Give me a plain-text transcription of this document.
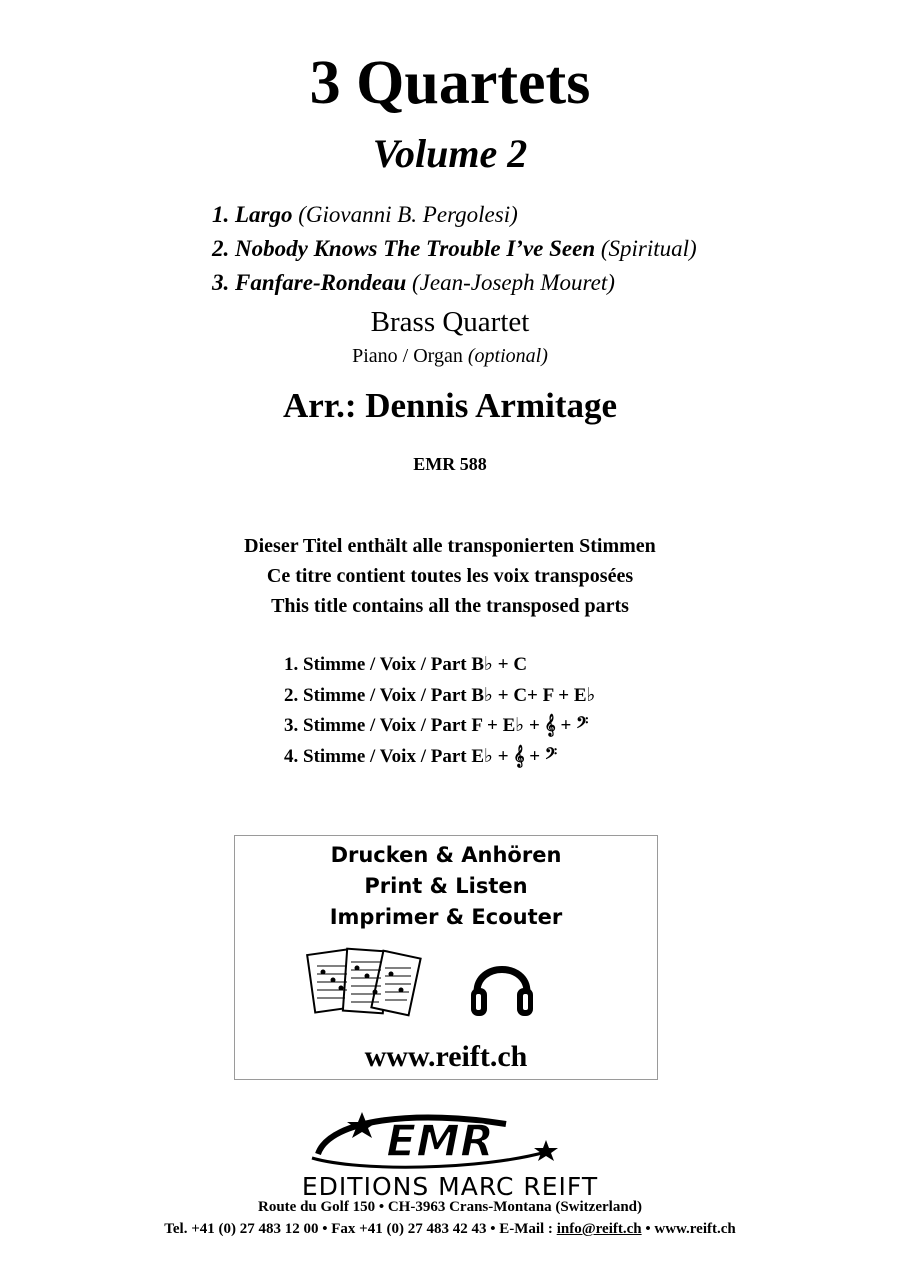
3 Quartets
Volume 2
1. Largo (Giovanni B. Pergolesi)
2. Nobody Knows The Trouble I’ve Seen (Spiritual)
3. Fanfare-Rondeau (Jean-Joseph Mouret)
Brass Quartet
Piano / Organ (optional)
Arr.: Dennis Armitage
EMR 588
Dieser Titel enthält alle transponierten Stimmen
Ce titre contient toutes les voix transposées
This title contains all the transposed parts
1. Stimme / Voix / Part B♭ + C
2. Stimme / Voix / Part B♭ + C+ F + E♭
3. Stimme / Voix / Part F + E♭ + 𝄞 + 𝄢
4. Stimme / Voix / Part E♭ + 𝄞 + 𝄢
Drucken & Anhören
Print & Listen
Imprimer & Ecouter
www.reift.ch
EMR
EDITIONS MARC REIFT
Route du Golf 150 • CH-3963 Crans-Montana (Switzerland)
Tel. +41 (0) 27 483 12 00 • Fax +41 (0) 27 483 42 43 • E-Mail : info@reift.ch • www.reift.ch
